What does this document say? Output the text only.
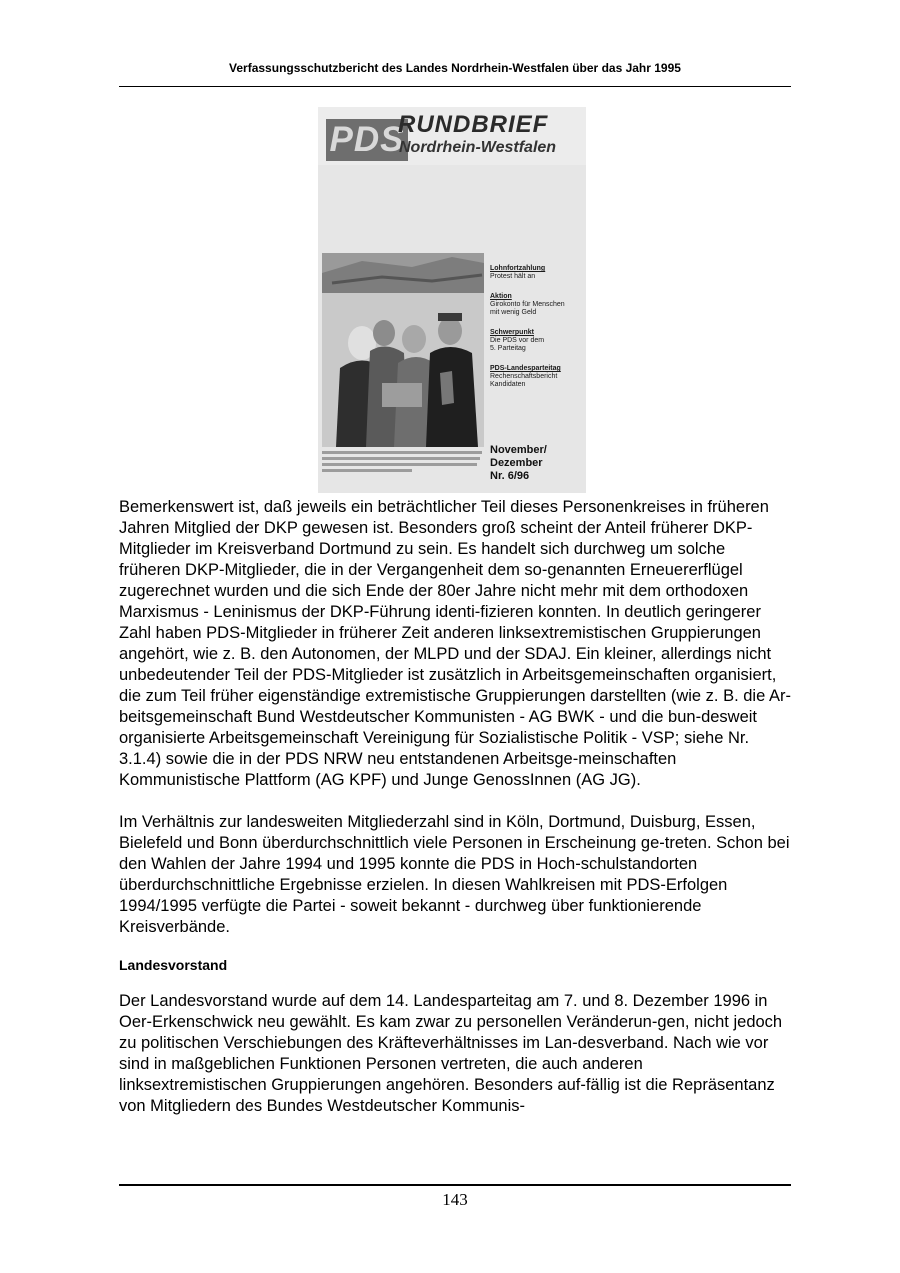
Verfassungsschutzbericht des Landes Nordrhein-Westfalen über das Jahr 1995
PDS
RUNDBRIEF
Nordrhein-Westfalen
Lohnfortzahlung
Protest hält an
Aktion
Girokonto für Menschen
mit wenig Geld
Schwerpunkt
Die PDS vor dem
5. Parteitag
PDS-Landesparteitag
Rechenschaftsbericht
Kandidaten
November/
Dezember
Nr. 6/96

Bemerkenswert ist, daß jeweils ein beträchtlicher Teil dieses Personenkreises in früheren Jahren Mitglied der DKP gewesen ist. Besonders groß scheint der Anteil früherer DKP- Mitglieder im Kreisverband Dortmund zu sein. Es handelt sich durchweg um solche früheren DKP-Mitglieder, die in der Vergangenheit dem so-genannten Erneuererflügel zugerechnet wurden und die sich Ende der 80er Jahre nicht mehr mit dem orthodoxen Marxismus - Leninismus der DKP-Führung identi-fizieren konnten. In deutlich geringerer Zahl haben PDS-Mitglieder in früherer Zeit anderen linksextremistischen Gruppierungen angehört, wie z. B. den Autonomen, der MLPD und der SDAJ. Ein kleiner, allerdings nicht unbedeutender Teil der PDS-Mitglieder ist zusätzlich in Arbeitsgemeinschaften organisiert, die zum Teil früher eigenständige extremistische Gruppierungen darstellten (wie z. B. die Ar-beitsgemeinschaft Bund Westdeutscher Kommunisten - AG BWK - und die bun-desweit organisierte Arbeitsgemeinschaft Vereinigung für Sozialistische Politik - VSP; siehe Nr. 3.1.4) sowie die in der PDS NRW neu entstandenen Arbeitsge-meinschaften Kommunistische Plattform (AG KPF) und Junge GenossInnen (AG JG).

Im Verhältnis zur landesweiten Mitgliederzahl sind in Köln, Dortmund, Duisburg, Essen, Bielefeld und Bonn überdurchschnittlich viele Personen in Erscheinung ge-treten. Schon bei den Wahlen der Jahre 1994 und 1995 konnte die PDS in Hoch-schulstandorten überdurchschnittliche Ergebnisse erzielen. In diesen Wahlkreisen mit PDS-Erfolgen 1994/1995 verfügte die Partei - soweit bekannt - durchweg über funktionierende Kreisverbände.

Landesvorstand

Der Landesvorstand wurde auf dem 14. Landesparteitag am 7. und 8. Dezember 1996 in Oer-Erkenschwick neu gewählt. Es kam zwar zu personellen Veränderun-gen, nicht jedoch zu politischen Verschiebungen des Kräfteverhältnisses im Lan-desverband. Nach wie vor sind in maßgeblichen Funktionen Personen vertreten, die auch anderen linksextremistischen Gruppierungen angehören. Besonders auf-fällig ist die Repräsentanz von Mitgliedern des Bundes Westdeutscher Kommunis-

143
